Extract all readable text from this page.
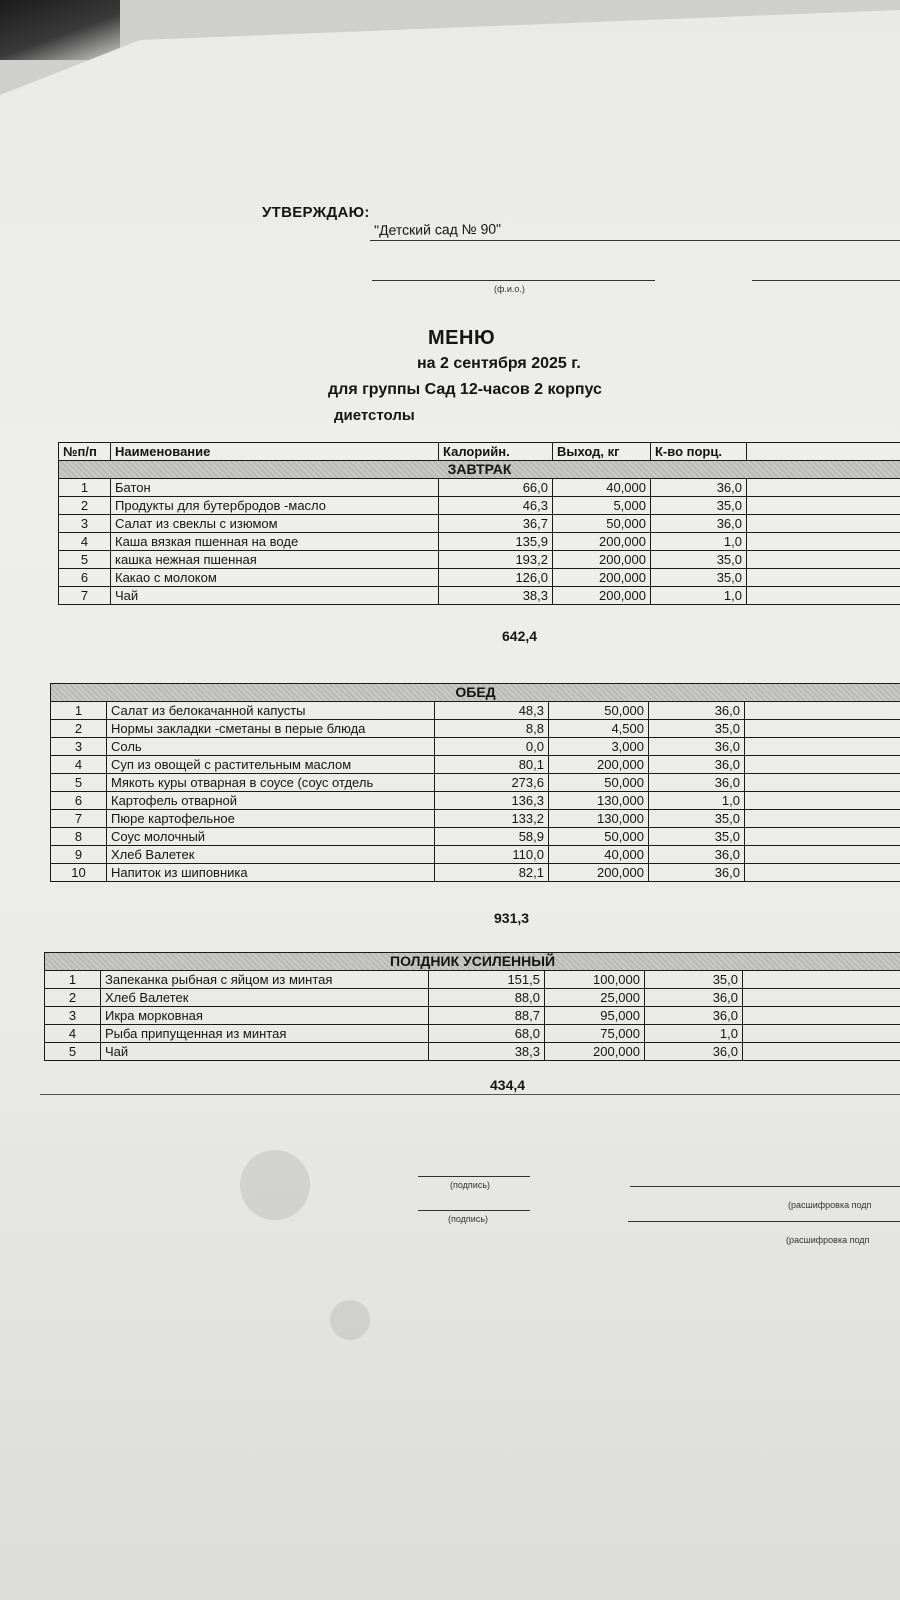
УТВЕРЖДАЮ:
"Детский сад № 90"
(ф.и.о.)
МЕНЮ
на 2 сентября 2025 г.
для группы Сад 12-часов 2 корпус
диетстолы
№п/п	Наименование	Калорийн.	Выход, кг	К-во порц.	
ЗАВТРАК					
1	Батон	66,0	40,000	36,0	
2	Продукты для бутербродов -масло	46,3	5,000	35,0	
3	Салат из свеклы с изюмом	36,7	50,000	36,0	
4	Каша вязкая пшенная на воде	135,9	200,000	1,0	
5	кашка нежная пшенная	193,2	200,000	35,0	
6	Какао с молоком	126,0	200,000	35,0	
7	Чай	38,3	200,000	1,0	
642,4
ОБЕД					
1	Салат из белокачанной капусты	48,3	50,000	36,0	
2	Нормы закладки -сметаны в перые блюда	8,8	4,500	35,0	
3	Соль	0,0	3,000	36,0	
4	Суп из овощей с растительным маслом	80,1	200,000	36,0	
5	Мякоть куры отварная в соусе (соус отдель	273,6	50,000	36,0	
6	Картофель отварной	136,3	130,000	1,0	
7	Пюре картофельное	133,2	130,000	35,0	
8	Соус молочный	58,9	50,000	35,0	
9	Хлеб Валетек	110,0	40,000	36,0	
10	Напиток из шиповника	82,1	200,000	36,0	
931,3
ПОЛДНИК УСИЛЕННЫЙ					
1	Запеканка рыбная с яйцом из минтая	151,5	100,000	35,0	
2	Хлеб Валетек	88,0	25,000	36,0	
3	Икра морковная	88,7	95,000	36,0	
4	Рыба припущенная из минтая	68,0	75,000	1,0	
5	Чай	38,3	200,000	36,0	
434,4
(подпись)
(расшифровка подп
(подпись)
(расшифровка подп
